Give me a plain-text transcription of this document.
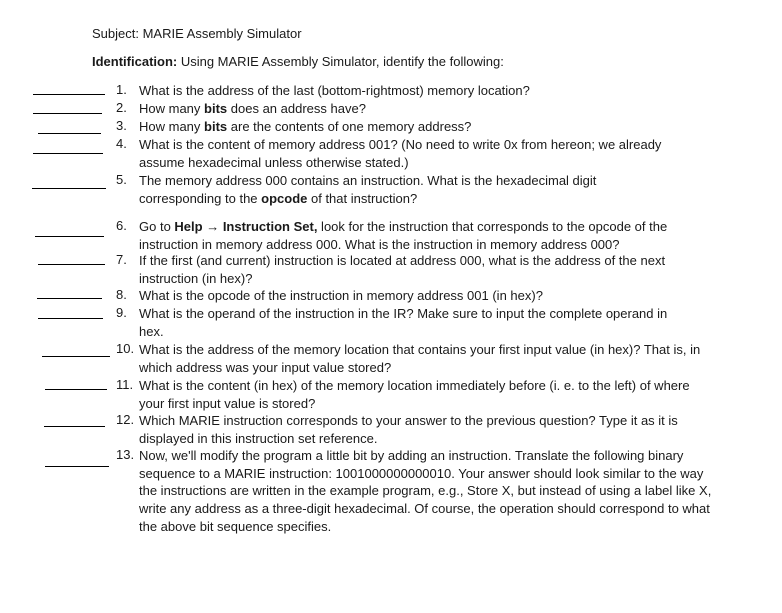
Subject: MARIE Assembly Simulator
Identification: Using MARIE Assembly Simulator, identify the following:
1.
2.
3.
4.
5.
6.
7.
8.
9.
10.
11.
12.
13.
What is the address of the last (bottom-rightmost) memory location?
How many bits does an address have?
How many bits are the contents of one memory address?
What is the content of memory address 001? (No need to write 0x from hereon; we already assume hexadecimal unless otherwise stated.)
The memory address 000 contains an instruction. What is the hexadecimal digit corresponding to the opcode of that instruction?
Go to Help → Instruction Set, look for the instruction that corresponds to the opcode of the instruction in memory address 000. What is the instruction in memory address 000?
If the first (and current) instruction is located at address 000, what is the address of the next instruction (in hex)?
What is the opcode of the instruction in memory address 001 (in hex)?
What is the operand of the instruction in the IR? Make sure to input the complete operand in hex.
What is the address of the memory location that contains your first input value (in hex)? That is, in which address was your input value stored?
What is the content (in hex) of the memory location immediately before (i. e. to the left) of where your first input value is stored?
Which MARIE instruction corresponds to your answer to the previous question? Type it as it is displayed in this instruction set reference.
Now, we'll modify the program a little bit by adding an instruction. Translate the following binary sequence to a MARIE instruction: 1001000000000010. Your answer should look similar to the way the instructions are written in the example program, e.g., Store X, but instead of using a label like X, write any address as a three-digit hexadecimal. Of course, the operation should correspond to what the above bit sequence specifies.
